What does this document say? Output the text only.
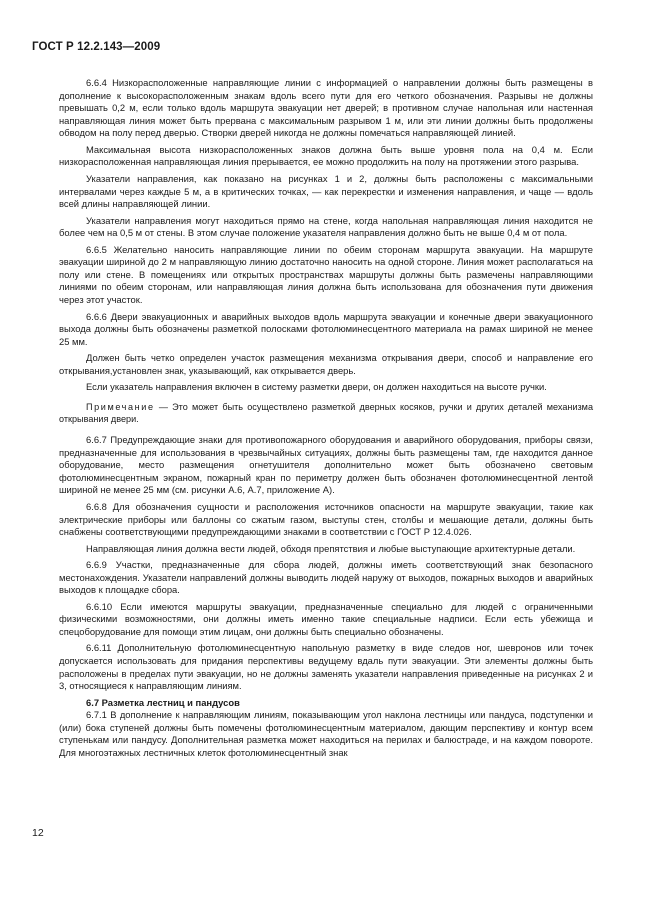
ГОСТ Р 12.2.143—2009

6.6.4 Низкорасположенные направляющие линии с информацией о направлении должны быть размещены в дополнение к высокорасположенным знакам вдоль всего пути для его четкого обозначения. Разрывы не должны превышать 0,2 м, если только вдоль маршрута эвакуации нет дверей; в противном случае напольная или настенная направляющая линия может быть прервана с максимальным разрывом 1 м, или эти линии должны быть продолжены обводом на полу перед дверью. Створки дверей никогда не должны помечаться направляющей линией.

Максимальная высота низкорасположенных знаков должна быть выше уровня пола на 0,4 м. Если низкорасположенная направляющая линия прерывается, ее можно продолжить на полу на протяжении этого разрыва.

Указатели направления, как показано на рисунках 1 и 2, должны быть расположены с максимальными интервалами через каждые 5 м, а в критических точках, — как перекрестки и изменения направления, и чаще — вдоль всей длины направляющей линии.

Указатели направления могут находиться прямо на стене, когда напольная направляющая линия находится не более чем на 0,5 м от стены. В этом случае положение указателя направления должно быть не выше 0,4 м от пола.

6.6.5 Желательно наносить направляющие линии по обеим сторонам маршрута эвакуации. На маршруте эвакуации шириной до 2 м направляющую линию достаточно наносить на одной стороне. Линия может располагаться на полу или стене. В помещениях или открытых пространствах маршруты должны быть размечены направляющими линиями по обеим сторонам, или направляющая линия должна быть использована для обозначения пути движения через этот участок.

6.6.6 Двери эвакуационных и аварийных выходов вдоль маршрута эвакуации и конечные двери эвакуационного выхода должны быть обозначены разметкой полосками фотолюминесцентного материала на рамах шириной не менее 25 мм.

Должен быть четко определен участок размещения механизма открывания двери, способ и направление его открывания,установлен знак, указывающий, как открывается дверь.

Если указатель направления включен в систему разметки двери, он должен находиться на высоте ручки.

Примечание — Это может быть осуществлено разметкой дверных косяков, ручки и других деталей механизма открывания двери.

6.6.7 Предупреждающие знаки для противопожарного оборудования и аварийного оборудования, приборы связи, предназначенные для использования в чрезвычайных ситуациях, должны быть размещены там, где находится данное оборудование, место размещения огнетушителя дополнительно может быть обозначено световым фотолюминесцентным экраном, пожарный кран по периметру должен быть обозначен фотолюминесцентной лентой шириной не менее 25 мм (см. рисунки А.6, А.7, приложение А).

6.6.8 Для обозначения сущности и расположения источников опасности на маршруте эвакуации, такие как электрические приборы или баллоны со сжатым газом, выступы стен, столбы и мешающие детали, должны быть снабжены соответствующими предупреждающими знаками в соответствии с ГОСТ Р 12.4.026.

Направляющая линия должна вести людей, обходя препятствия и любые выступающие архитектурные детали.

6.6.9 Участки, предназначенные для сбора людей, должны иметь соответствующий знак безопасного местонахождения. Указатели направлений должны выводить людей наружу от выходов, пожарных выходов и аварийных выходов к площадке сбора.

6.6.10 Если имеются маршруты эвакуации, предназначенные специально для людей с ограниченными физическими возможностями, они должны иметь именно такие специальные надписи. Если есть убежища и спецоборудование для помощи этим лицам, они должны быть специально обозначены.

6.6.11 Дополнительную фотолюминесцентную напольную разметку в виде следов ног, шевронов или точек допускается использовать для придания перспективы ведущему вдаль пути эвакуации. Эти элементы должны быть расположены в пределах пути эвакуации, но не должны заменять указатели направления приведенные на рисунках 2 и 3, относящиеся к направляющим линиям.

6.7 Разметка лестниц и пандусов

6.7.1 В дополнение к направляющим линиям, показывающим угол наклона лестницы или пандуса, подступенки и (или) бока ступеней должны быть помечены фотолюминесцентным материалом, дающим перспективу и контур всем ступенькам или пандусу. Дополнительная разметка может находиться на перилах и балюстраде, и на каждом повороте. Для многоэтажных лестничных клеток фотолюминесцентный знак

12
